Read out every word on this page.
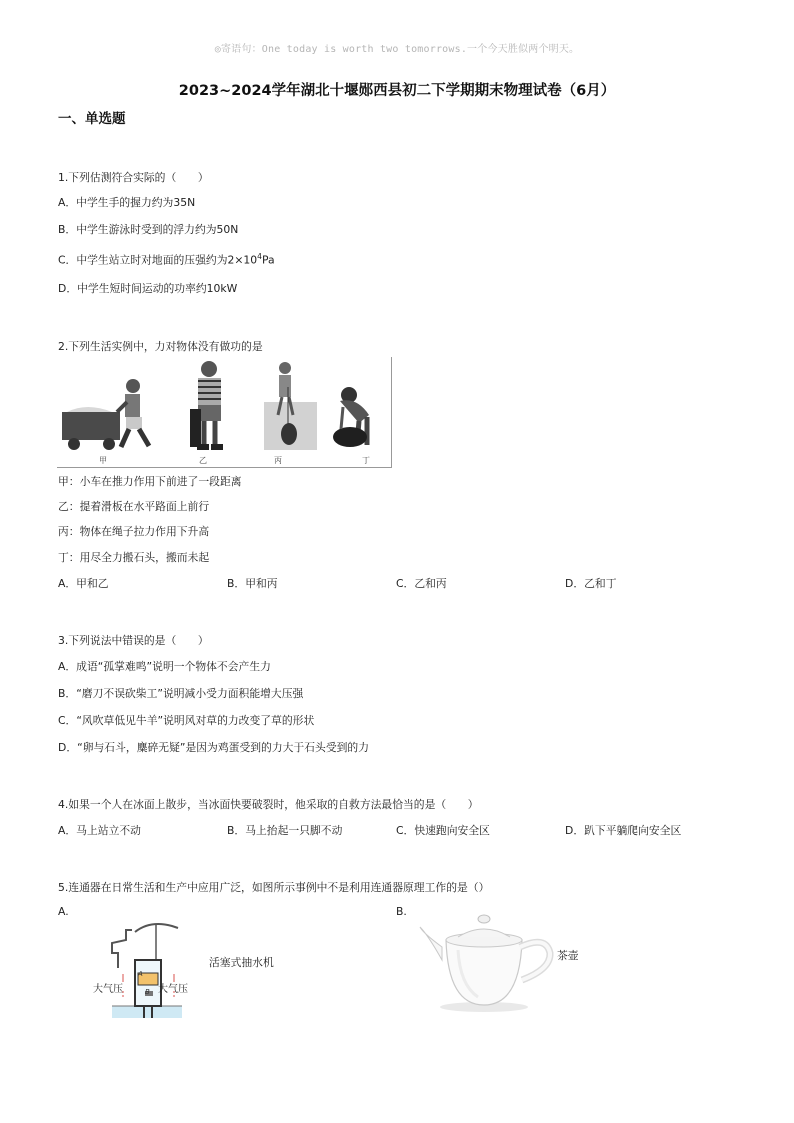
◎寄语句：One today is worth two tomorrows.一个今天胜似两个明天。
2023~2024学年湖北十堰郧西县初二下学期期末物理试卷（6月）
一、单选题
1.下列估测符合实际的（　　）
A．中学生手的握力约为35N
B．中学生游泳时受到的浮力约为50N
C．中学生站立时对地面的压强约为$2\times 10^4Pa$
D．中学生短时间运动的功率约10kW
2.下列生活实例中，力对物体没有做功的是
甲	乙	丙	丁
甲：小车在推力作用下前进了一段距离
乙：提着滑板在水平路面上前行
丙：物体在绳子拉力作用下升高
丁：用尽全力搬石头，搬而未起
A．甲和乙	B．甲和丙	C．乙和丙	D．乙和丁
3.下列说法中错误的是（　　）
A．成语“孤掌难鸣”说明一个物体不会产生力
B．“磨刀不误砍柴工”说明减小受力面积能增大压强
C．“风吹草低见牛羊”说明风对草的力改变了草的形状
D．“卵与石斗，麋碎无疑”是因为鸡蛋受到的力大于石头受到的力
4.如果一个人在冰面上散步，当冰面快要破裂时，他采取的自救方法最恰当的是（　　）
A．马上站立不动	B．马上抬起一只脚不动	C．快速跑向安全区	D．趴下平躺爬向安全区
5.连通器在日常生活和生产中应用广泛，如图所示事例中不是利用连通器原理工作的是（）
A.	B.
A
B
大气压	大气压
活塞式抽水机
茶壶
